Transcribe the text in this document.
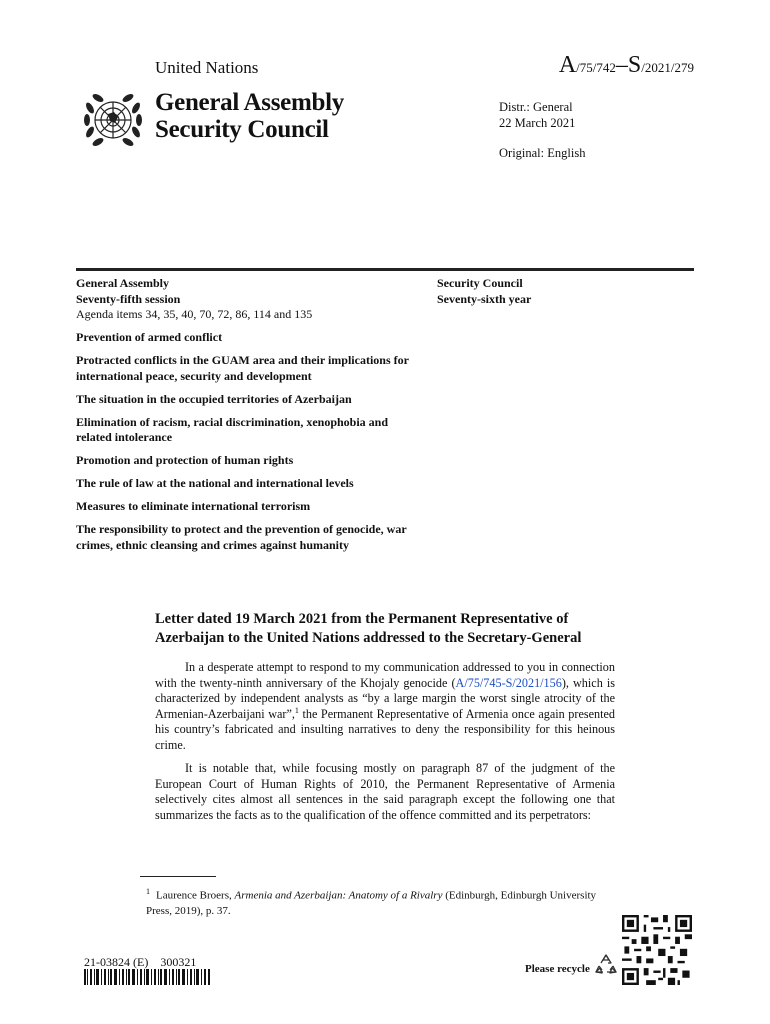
United Nations	A/75/742–S/2021/279
General Assembly
Security Council
Distr.: General
22 March 2021
Original: English
General Assembly
Seventy-fifth session
Agenda items 34, 35, 40, 70, 72, 86, 114 and 135
Security Council
Seventy-sixth year
Prevention of armed conflict
Protracted conflicts in the GUAM area and their implications for international peace, security and development
The situation in the occupied territories of Azerbaijan
Elimination of racism, racial discrimination, xenophobia and related intolerance
Promotion and protection of human rights
The rule of law at the national and international levels
Measures to eliminate international terrorism
The responsibility to protect and the prevention of genocide, war crimes, ethnic cleansing and crimes against humanity
Letter dated 19 March 2021 from the Permanent Representative of Azerbaijan to the United Nations addressed to the Secretary-General

In a desperate attempt to respond to my communication addressed to you in connection with the twenty-ninth anniversary of the Khojaly genocide (A/75/745-S/2021/156), which is characterized by independent analysts as “by a large margin the worst single atrocity of the Armenian-Azerbaijani war”,$^1$ the Permanent Representative of Armenia once again presented his country’s fabricated and insulting narratives to deny the responsibility for this heinous crime.

It is notable that, while focusing mostly on paragraph 87 of the judgment of the European Court of Human Rights of 2010, the Permanent Representative of Armenia selectively cites almost all sentences in the said paragraph except the following one that summarizes the facts as to the qualification of the offence committed and its perpetrators:

$^1$ Laurence Broers, Armenia and Azerbaijan: Anatomy of a Rivalry (Edinburgh, Edinburgh University Press, 2019), p. 37.
21-03824 (E)    300321	Please recycle
